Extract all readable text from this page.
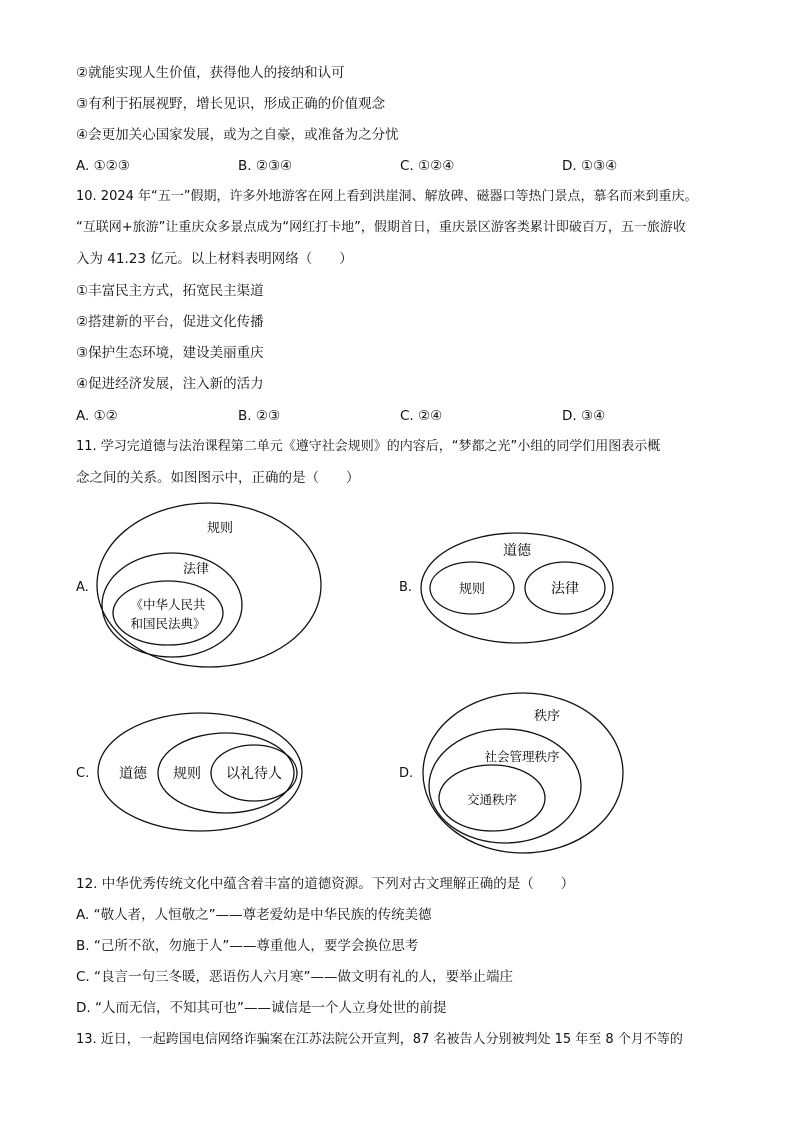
②就能实现人生价值，获得他人的接纳和认可
③有利于拓展视野，增长见识，形成正确的价值观念
④会更加关心国家发展，或为之自豪，或准备为之分忧
A. ①②③	B. ②③④	C. ①②④	D. ①③④
10. 2024 年“五一”假期，许多外地游客在网上看到洪崖洞、解放碑、磁器口等热门景点，慕名而来到重庆。
“互联网+旅游”让重庆众多景点成为“网红打卡地”，假期首日，重庆景区游客类累计即破百万，五一旅游收
入为 41.23 亿元。以上材料表明网络（　　）
①丰富民主方式，拓宽民主渠道
②搭建新的平台，促进文化传播
③保护生态环境，建设美丽重庆
④促进经济发展，注入新的活力
A. ①②	B. ②③	C. ②④	D. ③④
11. 学习完道德与法治课程第二单元《遵守社会规则》的内容后，“梦都之光”小组的同学们用图表示概
念之间的关系。如图图示中，正确的是（　　）
A.
规则
法律
《中华人民共
和国民法典》
B.
道德
规则	法律
C. 道德 规则 以礼待人	D.
秩序
社会管理秩序
交通秩序
12. 中华优秀传统文化中蕴含着丰富的道德资源。下列对古文理解正确的是（　　）
A. “敬人者，人恒敬之”——尊老爱幼是中华民族的传统美德
B. “己所不欲，勿施于人”——尊重他人，要学会换位思考
C. “良言一句三冬暖，恶语伤人六月寒”——做文明有礼的人，要举止端庄
D. “人而无信，不知其可也”——诚信是一个人立身处世的前提
13. 近日，一起跨国电信网络诈骗案在江苏法院公开宣判，87 名被告人分别被判处 15 年至 8 个月不等的
